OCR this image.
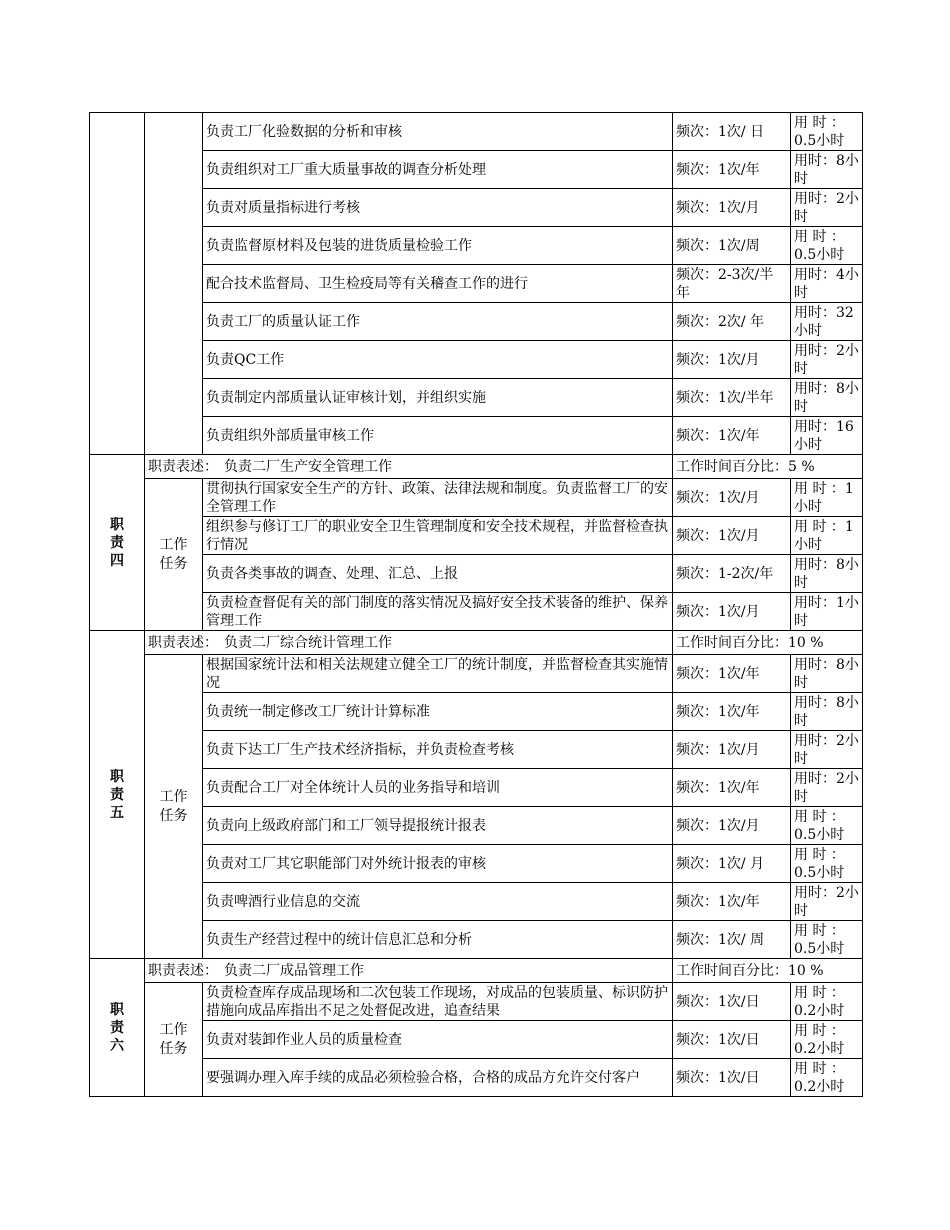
		负责工厂化验数据的分析和审核	频次：1次/ 日	用 时 ：0.5小时
		负责组织对工厂重大质量事故的调查分析处理	频次：1次/年	用时：8小时
		负责对质量指标进行考核	频次：1次/月	用时：2小时
		负责监督原材料及包装的进货质量检验工作	频次：1次/周	用 时 ：0.5小时
		配合技术监督局、卫生检疫局等有关稽查工作的进行	频次：2-3次/半年	用时：4小时
		负责工厂的质量认证工作	频次：2次/ 年	用时：32小时
		负责QC工作	频次：1次/月	用时：2小时
		负责制定内部质量认证审核计划，并组织实施	频次：1次/半年	用时：8小时
		负责组织外部质量审核工作	频次：1次/年	用时：16小时

职
责
四	职责表述： 负责二厂生产安全管理工作		工作时间百分比：5 %	

	工作
任务	贯彻执行国家安全生产的方针、政策、法律法规和制度。负责监督工厂的安全管理工作	频次：1次/月	用 时 ：1小时
		组织参与修订工厂的职业安全卫生管理制度和安全技术规程，并监督检查执行情况	频次：1次/月	用 时 ：1小时
		负责各类事故的调查、处理、汇总、上报	频次：1-2次/年	用时：8小时
		负责检查督促有关的部门制度的落实情况及搞好安全技术装备的维护、保养管理工作	频次：1次/月	用时：1小时

职
责
五	职责表述： 负责二厂综合统计管理工作		工作时间百分比：10 %	

	工作
任务	根据国家统计法和相关法规建立健全工厂的统计制度，并监督检查其实施情况	频次：1次/年	用时：8小时
		负责统一制定修改工厂统计计算标准	频次：1次/年	用时：8小时
		负责下达工厂生产技术经济指标，并负责检查考核	频次：1次/月	用时：2小时
		负责配合工厂对全体统计人员的业务指导和培训	频次：1次/年	用时：2小时
		负责向上级政府部门和工厂领导提报统计报表	频次：1次/月	用 时 ：0.5小时
		负责对工厂其它职能部门对外统计报表的审核	频次：1次/ 月	用 时 ：0.5小时
		负责啤酒行业信息的交流	频次：1次/年	用时：2小时
		负责生产经营过程中的统计信息汇总和分析	频次：1次/ 周	用 时 ：0.5小时

职
责
六	职责表述： 负责二厂成品管理工作		工作时间百分比：10 %	

	工作
任务	负责检查库存成品现场和二次包装工作现场，对成品的包装质量、标识防护措施向成品库指出不足之处督促改进，追查结果	频次：1次/日	用 时 ：0.2小时
		负责对装卸作业人员的质量检查	频次：1次/日	用 时 ：0.2小时
		要强调办理入库手续的成品必须检验合格，合格的成品方允许交付客户	频次：1次/日	用 时 ：0.2小时
